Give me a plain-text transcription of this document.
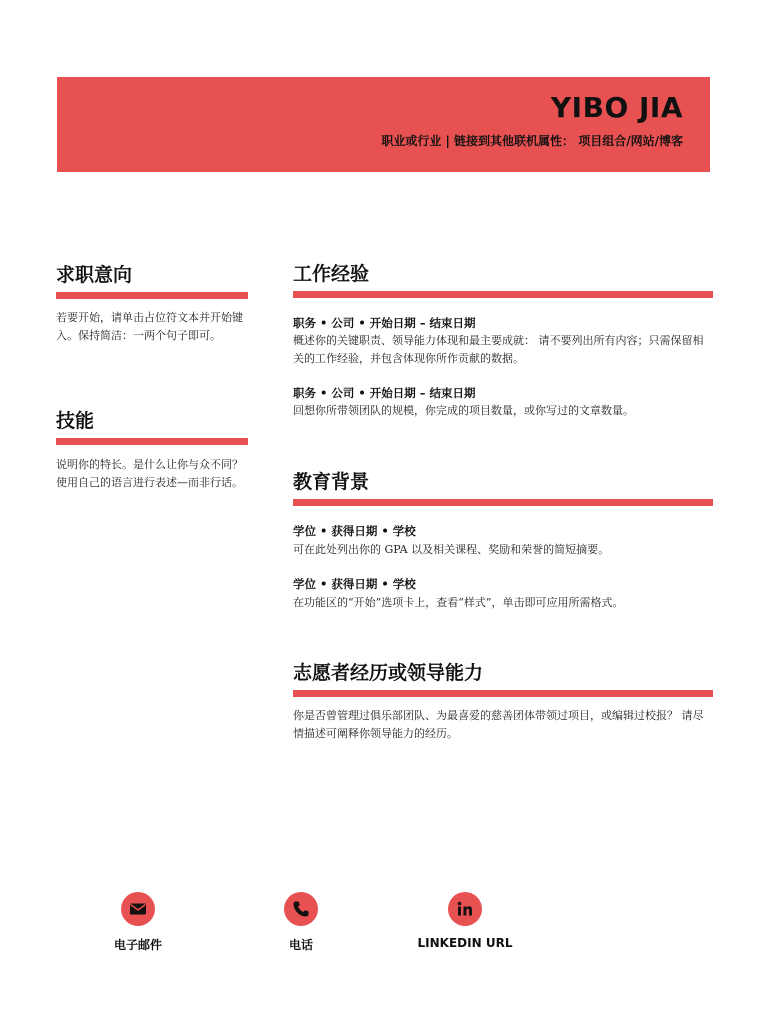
YIBO JIA
职业或行业 | 链接到其他联机属性： 项目组合/网站/博客
求职意向

若要开始，请单击占位符文本并开始键入。保持简洁：一两个句子即可。

技能

说明你的特长。是什么让你与众不同？使用自己的语言进行表述—而非行话。

工作经验
职务 • 公司 • 开始日期 – 结束日期

概述你的关键职责、领导能力体现和最主要成就： 请不要列出所有内容；只需保留相关的工作经验，并包含体现你所作贡献的数据。

职务 • 公司 • 开始日期 – 结束日期

回想你所带领团队的规模，你完成的项目数量，或你写过的文章数量。

教育背景
学位 • 获得日期 • 学校

可在此处列出你的 GPA 以及相关课程、奖励和荣誉的简短摘要。

学位 • 获得日期 • 学校

在功能区的“开始”选项卡上，查看“样式”，单击即可应用所需格式。

志愿者经历或领导能力

你是否曾管理过俱乐部团队、为最喜爱的慈善团体带领过项目，或编辑过校报？ 请尽情描述可阐释你领导能力的经历。

电子邮件	电话	LINKEDIN URL
